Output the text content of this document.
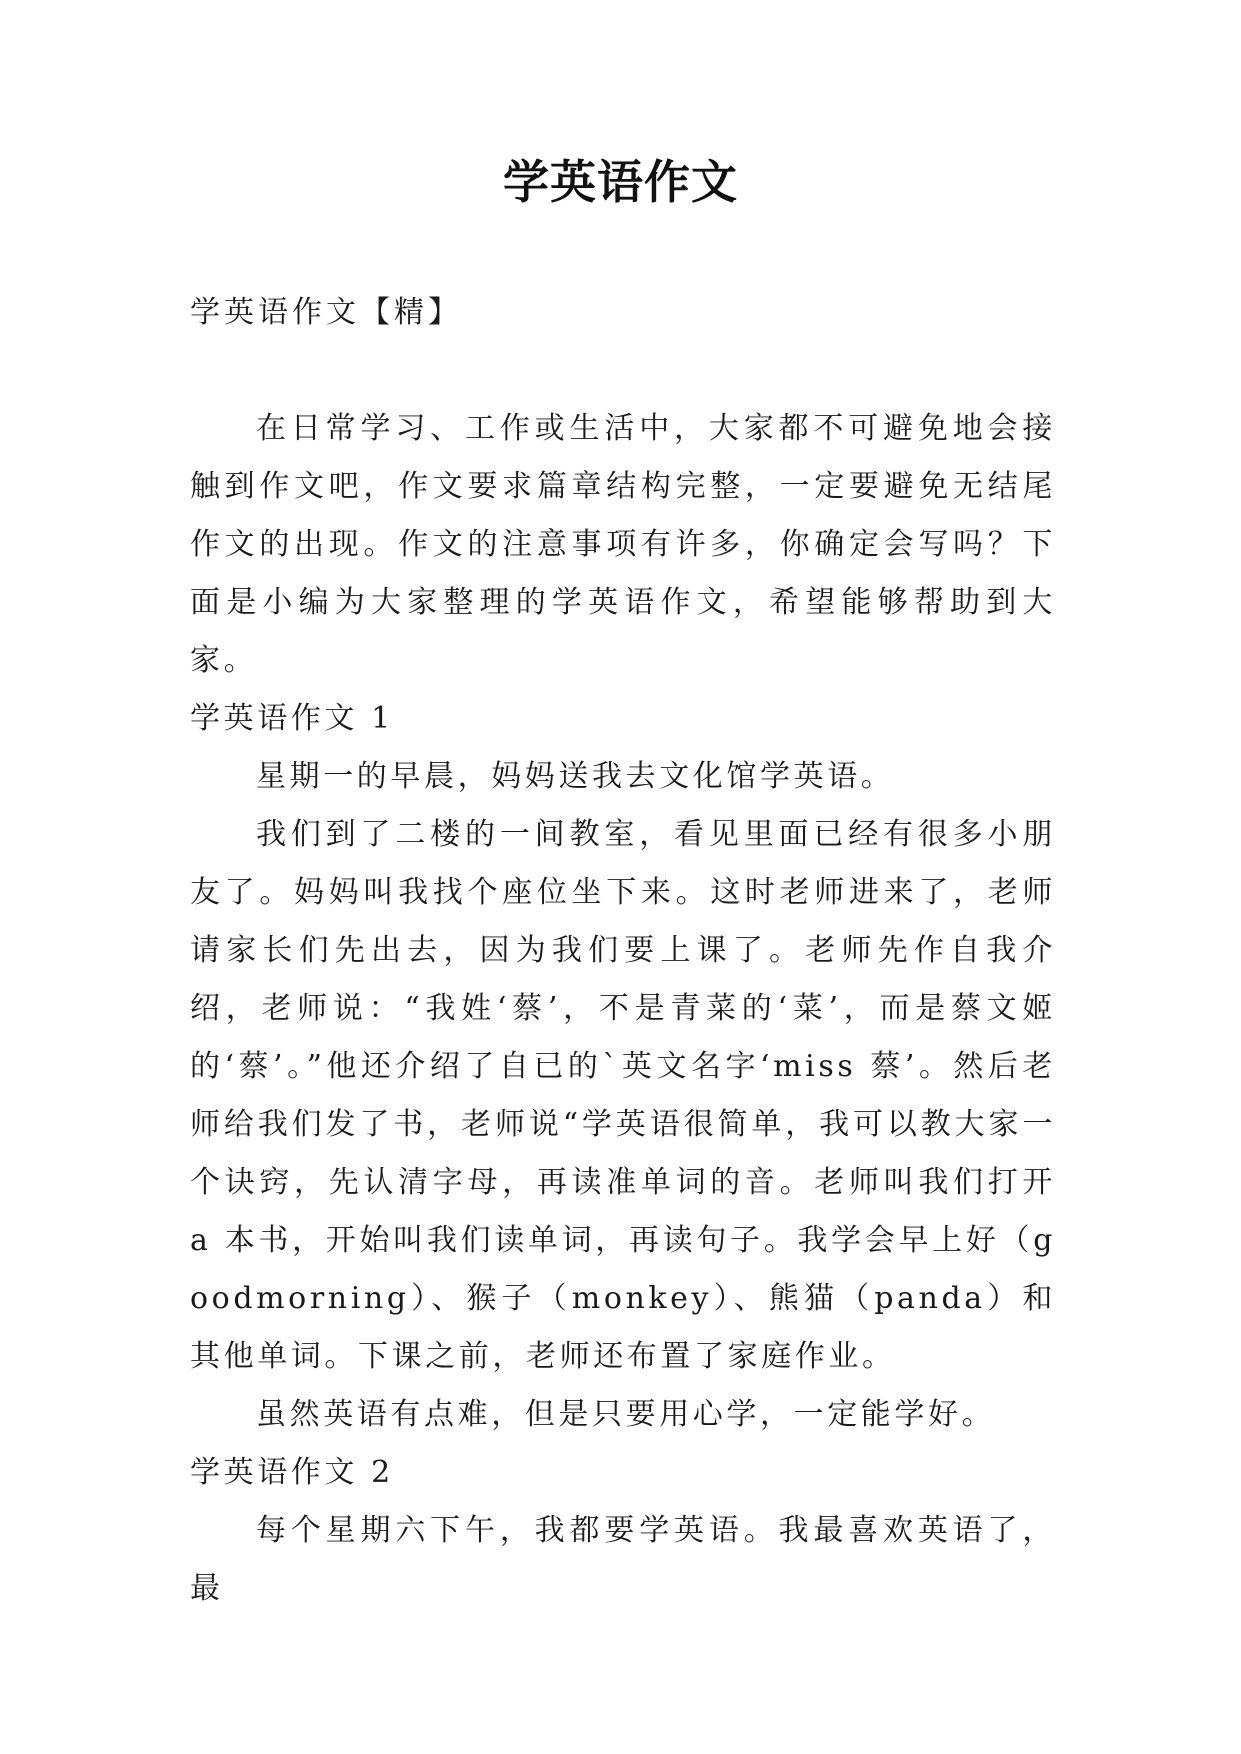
学英语作文
学英语作文【精】

在日常学习、工作或生活中，大家都不可避免地会接触到作文吧，作文要求篇章结构完整，一定要避免无结尾作文的出现。作文的注意事项有许多，你确定会写吗？下面是小编为大家整理的学英语作文，希望能够帮助到大家。

学英语作文 1

星期一的早晨，妈妈送我去文化馆学英语。

我们到了二楼的一间教室，看见里面已经有很多小朋友了。妈妈叫我找个座位坐下来。这时老师进来了，老师请家长们先出去，因为我们要上课了。老师先作自我介绍，老师说：“我姓‘蔡’，不是青菜的‘菜’，而是蔡文姬的‘蔡’。”他还介绍了自已的`英文名字‘miss 蔡’。然后老师给我们发了书，老师说“学英语很简单，我可以教大家一个诀窍，先认清字母，再读准单词的音。老师叫我们打开 a 本书，开始叫我们读单词，再读句子。我学会早上好（goodmorning）、猴子（monkey）、熊猫（panda）和其他单词。下课之前，老师还布置了家庭作业。

虽然英语有点难，但是只要用心学，一定能学好。

学英语作文 2

每个星期六下午，我都要学英语。我最喜欢英语了，最
